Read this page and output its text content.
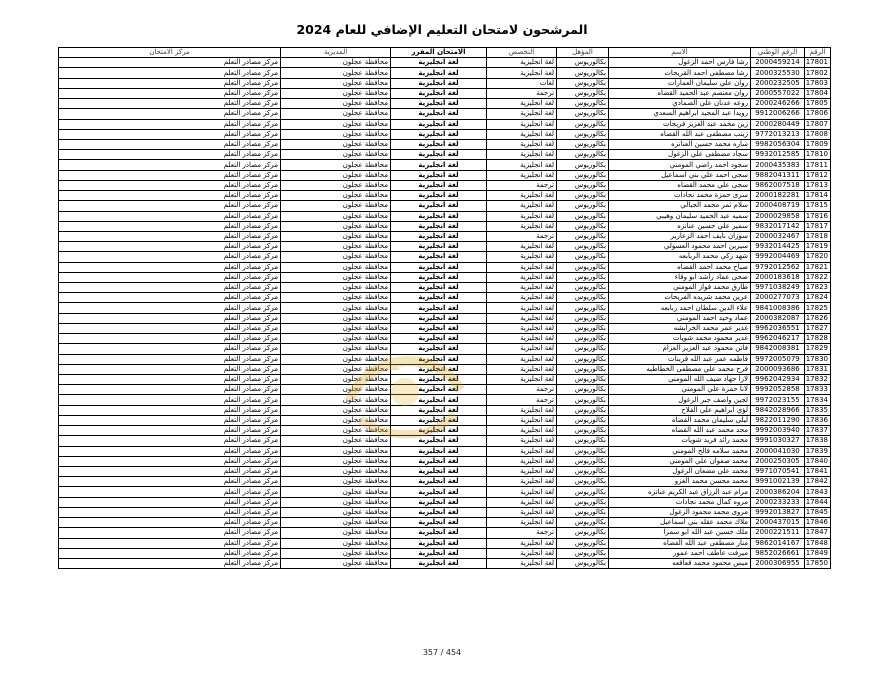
المرشحون لامتحان التعليم الإضافي للعام 2024
الرقم	الرقم الوطني	الاسم	المؤهل	التخصص	الامتحان المقرر	المديرية	مركز الامتحان
17801	2000459214	رشا فارس احمد الزغول	بكالوريوس	لغة انجليزية	لغة انجليزية	محافظة عجلون	مركز مصادر التعلم
17802	2000325530	رشا مصطفى احمد القريحات	بكالوريوس	لغة انجليزية	لغة انجليزية	محافظة عجلون	مركز مصادر التعلم
17803	2000232505	روان علي سليمان العمارات	بكالوريوس	لغات	لغة انجليزية	محافظة عجلون	مركز مصادر التعلم
17804	2000557022	روان معتصم عبد الحميد القضاه	بكالوريوس	ترجمة	لغة انجليزية	محافظة عجلون	مركز مصادر التعلم
17805	2000246266	روعه عدنان علي الصمادي	بكالوريوس	لغة انجليزية	لغة انجليزية	محافظة عجلون	مركز مصادر التعلم
17806	9912006266	رويدا عبد المجيد ابراهيم السعدي	بكالوريوس	لغة انجليزية	لغة انجليزية	محافظة عجلون	مركز مصادر التعلم
17807	2000280449	زين محمد عبد العزيز فريحات	بكالوريوس	لغة انجليزية	لغة انجليزية	محافظة عجلون	مركز مصادر التعلم
17808	9772013213	زينب مصطفى عبد الله القضاه	بكالوريوس	لغة انجليزية	لغة انجليزية	محافظة عجلون	مركز مصادر التعلم
17809	9982056304	ساره محمد حسين العنانزه	بكالوريوس	لغة انجليزية	لغة انجليزية	محافظة عجلون	مركز مصادر التعلم
17810	9932012585	سجاد مصطفى علي الزغول	بكالوريوس	لغة انجليزية	لغة انجليزية	محافظة عجلون	مركز مصادر التعلم
17811	2000435383	سجود احمد راضي المومني	بكالوريوس	لغة انجليزية	لغة انجليزية	محافظة عجلون	مركز مصادر التعلم
17812	9882041311	سجى احمد علي بني اسماعيل	بكالوريوس	لغة انجليزية	لغة انجليزية	محافظة عجلون	مركز مصادر التعلم
17813	9862007518	سجى علي محمد القضاه	بكالوريوس	ترجمة	لغة انجليزية	محافظة عجلون	مركز مصادر التعلم
17814	2000182281	سرى حمزة محمد نجادات	بكالوريوس	لغة انجليزية	لغة انجليزية	محافظة عجلون	مركز مصادر التعلم
17815	2000408719	سلام ثمر محمد الجبالي	بكالوريوس	لغة انجليزية	لغة انجليزية	محافظة عجلون	مركز مصادر التعلم
17816	2000029858	سميه عبد الحميد سليمان وهيبي	بكالوريوس	لغة انجليزية	لغة انجليزية	محافظة عجلون	مركز مصادر التعلم
17817	9832017142	سمير علي حسين عنانزه	بكالوريوس	لغة انجليزية	لغة انجليزية	محافظة عجلون	مركز مصادر التعلم
17818	2000032467	سوزان نايف احمد الزعارير	بكالوريوس	ترجمة	لغة انجليزية	محافظة عجلون	مركز مصادر التعلم
17819	9932014425	سيرين احمد محمود العسولي	بكالوريوس	لغة انجليزية	لغة انجليزية	محافظة عجلون	مركز مصادر التعلم
17820	9992004469	شهد زكي محمد الربابعه	بكالوريوس	لغة انجليزية	لغة انجليزية	محافظة عجلون	مركز مصادر التعلم
17821	9792012562	صباح محمد احمد القضاه	بكالوريوس	لغة انجليزية	لغة انجليزية	محافظة عجلون	مركز مصادر التعلم
17822	2000183618	ضحى عماد راشد ابو وقاء	بكالوريوس	لغة انجليزية	لغة انجليزية	محافظة عجلون	مركز مصادر التعلم
17823	9971038249	طارق محمد فواز المومني	بكالوريوس	لغة انجليزية	لغة انجليزية	محافظة عجلون	مركز مصادر التعلم
17824	2000277073	عرين محمد شريده الفريحات	بكالوريوس	لغة انجليزية	لغة انجليزية	محافظة عجلون	مركز مصادر التعلم
17825	9841008386	علاء الدين سلطان احمد ربابعه	بكالوريوس	لغة انجليزية	لغة انجليزية	محافظة عجلون	مركز مصادر التعلم
17826	2000382087	عماد وحيد احمد المومني	بكالوريوس	لغة انجليزية	لغة انجليزية	محافظة عجلون	مركز مصادر التعلم
17827	9962036551	غدير عمر محمد الخرابشه	بكالوريوس	لغة انجليزية	لغة انجليزية	محافظة عجلون	مركز مصادر التعلم
17828	9962046217	غدير محمود محمد شويات	بكالوريوس	لغة انجليزية	لغة انجليزية	محافظة عجلون	مركز مصادر التعلم
17829	9842008381	فاتن محمود عبد العزيز العزام	بكالوريوس	لغة انجليزية	لغة انجليزية	محافظة عجلون	مركز مصادر التعلم
17830	9972005079	فاطمه عمر عبد الله قرينات	بكالوريوس	لغة انجليزية	لغة انجليزية	محافظة عجلون	مركز مصادر التعلم
17831	2000093686	فرح محمد علي مصطفى الخطاطبه	بكالوريوس	لغة انجليزية	لغة انجليزية	محافظة عجلون	مركز مصادر التعلم
17832	9962042934	لارا جهاد ضيف الله المومني	بكالوريوس	لغة انجليزية	لغة انجليزية	محافظة عجلون	مركز مصادر التعلم
17833	9992052858	لانا حمزة علي المومني	بكالوريوس	ترجمة	لغة انجليزية	محافظة عجلون	مركز مصادر التعلم
17834	9972023155	لجين واصف جبر الزغول	بكالوريوس	ترجمة	لغة انجليزية	محافظة عجلون	مركز مصادر التعلم
17835	9842028966	لؤي ابراهيم علي الفلاح	بكالوريوس	لغة انجليزية	لغة انجليزية	محافظة عجلون	مركز مصادر التعلم
17836	9822011290	ليلى سليمان محمد القضاه	بكالوريوس	لغة انجليزية	لغة انجليزية	محافظة عجلون	مركز مصادر التعلم
17837	9992003940	مجد محمد عبد الله القضاه	بكالوريوس	لغة انجليزية	لغة انجليزية	محافظة عجلون	مركز مصادر التعلم
17838	9991030327	محمد رائد فريد شويات	بكالوريوس	لغة انجليزية	لغة انجليزية	محافظة عجلون	مركز مصادر التعلم
17839	2000041030	محمد سلامه فالح المومني	بكالوريوس	لغة انجليزية	لغة انجليزية	محافظة عجلون	مركز مصادر التعلم
17840	2000250305	محمد صفوان علي المومني	بكالوريوس	لغة انجليزية	لغة انجليزية	محافظة عجلون	مركز مصادر التعلم
17841	9971070541	محمد علي مضعان الزغول	بكالوريوس	لغة انجليزية	لغة انجليزية	محافظة عجلون	مركز مصادر التعلم
17842	9991002139	محمد محسن محمد الغزو	بكالوريوس	لغة انجليزية	لغة انجليزية	محافظة عجلون	مركز مصادر التعلم
17843	2000386204	مرام عبد الرزاق عبد الكريم عنانزه	بكالوريوس	لغة انجليزية	لغة انجليزية	محافظة عجلون	مركز مصادر التعلم
17844	2000233233	مروه كمال محمد نجادات	بكالوريوس	لغة انجليزية	لغة انجليزية	محافظة عجلون	مركز مصادر التعلم
17845	9992013827	مروى محمد محمود الزغول	بكالوريوس	لغة انجليزية	لغة انجليزية	محافظة عجلون	مركز مصادر التعلم
17846	2000437015	ملاك محمد عقله بني اسماعيل	بكالوريوس	لغة انجليزية	لغة انجليزية	محافظة عجلون	مركز مصادر التعلم
17847	2000221511	ملك حسين عبد الله ابو سمرا	بكالوريوس	ترجمة	لغة انجليزية	محافظة عجلون	مركز مصادر التعلم
17848	9862014167	منار مصطفى عبد الله القضاه	بكالوريوس	لغة انجليزية	لغة انجليزية	محافظة عجلون	مركز مصادر التعلم
17849	9852026661	ميرفت عاطف احمد عمور	بكالوريوس	لغة انجليزية	لغة انجليزية	محافظة عجلون	مركز مصادر التعلم
17850	2000306955	ميس محمود محمد قعاقعه	بكالوريوس	لغة انجليزية	لغة انجليزية	محافظة عجلون	مركز مصادر التعلم
357 / 454
